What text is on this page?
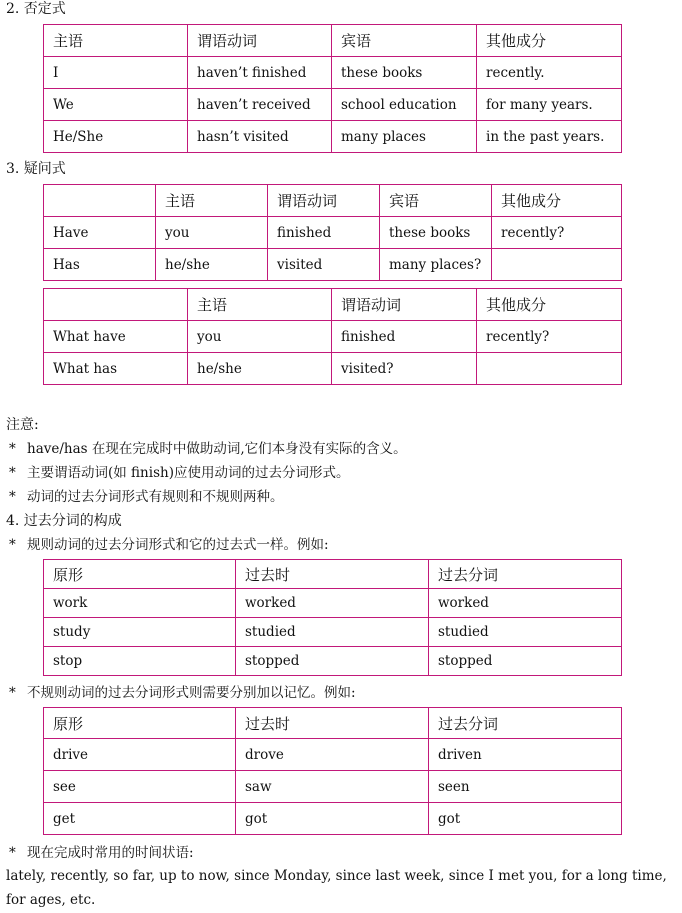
2. 否定式
主语	谓语动词	宾语	其他成分
I	haven’t finished	these books	recently.
We	haven’t received	school education	for many years.
He/She	hasn’t visited	many places	in the past years.
3. 疑问式
	主语	谓语动词	宾语	其他成分
Have	you	finished	these books	recently?
Has	he/she	visited	many places?	
	主语	谓语动词	其他成分
What have	you	finished	recently?
What has	he/she	visited?	
注意:
* have/has 在现在完成时中做助动词,它们本身没有实际的含义。
* 主要谓语动词(如 finish)应使用动词的过去分词形式。
* 动词的过去分词形式有规则和不规则两种。
4. 过去分词的构成
* 规则动词的过去分词形式和它的过去式一样。例如:
原形	过去时	过去分词
work	worked	worked
study	studied	studied
stop	stopped	stopped
* 不规则动词的过去分词形式则需要分别加以记忆。例如:
原形	过去时	过去分词
drive	drove	driven
see	saw	seen
get	got	got
* 现在完成时常用的时间状语:
lately, recently, so far, up to now, since Monday, since last week, since I met you, for a long time, for ages, etc.
